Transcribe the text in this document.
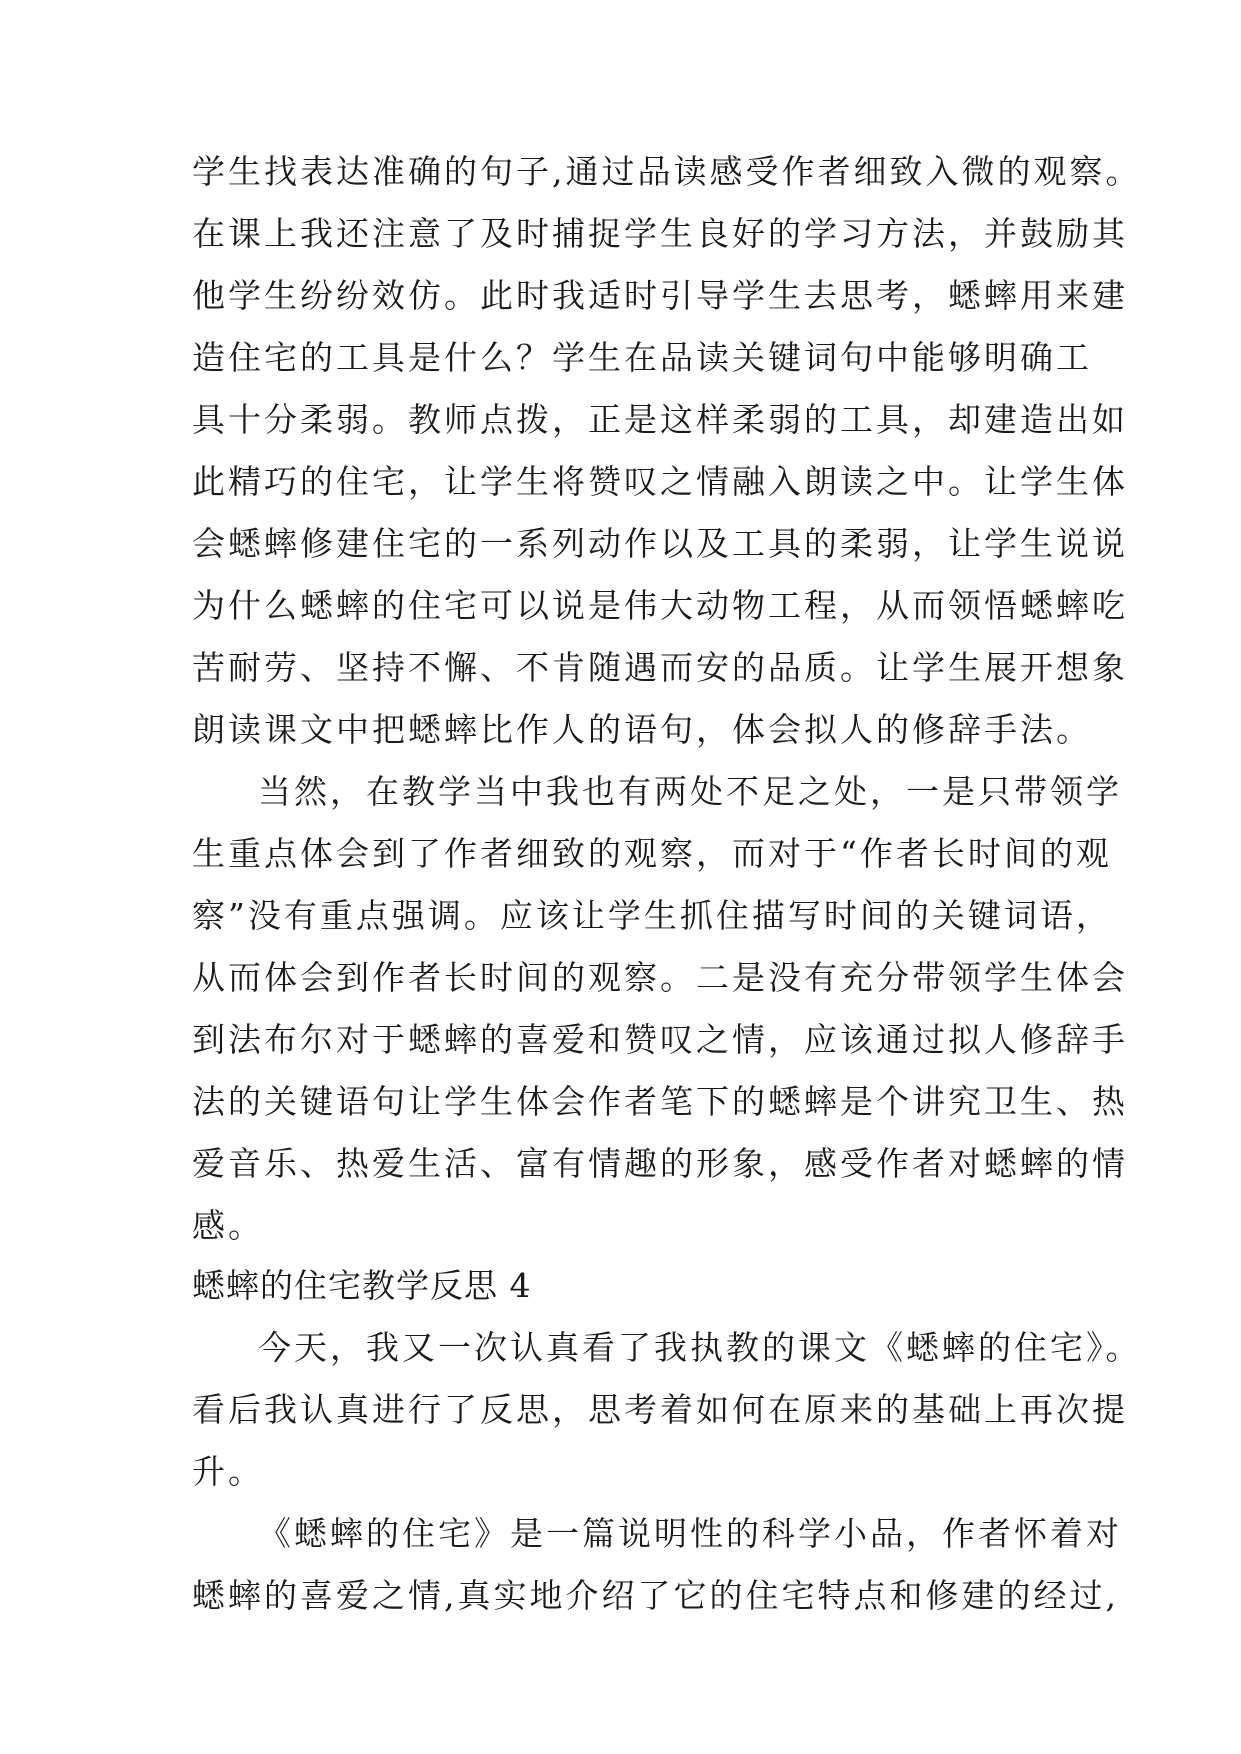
学生找表达准确的句子,通过品读感受作者细致入微的观察。
在课上我还注意了及时捕捉学生良好的学习方法，并鼓励其
他学生纷纷效仿。此时我适时引导学生去思考，蟋蟀用来建
造住宅的工具是什么？学生在品读关键词句中能够明确工
具十分柔弱。教师点拨，正是这样柔弱的工具，却建造出如
此精巧的住宅，让学生将赞叹之情融入朗读之中。让学生体
会蟋蟀修建住宅的一系列动作以及工具的柔弱，让学生说说
为什么蟋蟀的住宅可以说是伟大动物工程，从而领悟蟋蟀吃
苦耐劳、坚持不懈、不肯随遇而安的品质。让学生展开想象
朗读课文中把蟋蟀比作人的语句，体会拟人的修辞手法。
当然，在教学当中我也有两处不足之处，一是只带领学
生重点体会到了作者细致的观察，而对于“作者长时间的观
察”没有重点强调。应该让学生抓住描写时间的关键词语，
从而体会到作者长时间的观察。二是没有充分带领学生体会
到法布尔对于蟋蟀的喜爱和赞叹之情，应该通过拟人修辞手
法的关键语句让学生体会作者笔下的蟋蟀是个讲究卫生、热
爱音乐、热爱生活、富有情趣的形象，感受作者对蟋蟀的情
感。
蟋蟀的住宅教学反思 4
今天，我又一次认真看了我执教的课文《蟋蟀的住宅》。
看后我认真进行了反思，思考着如何在原来的基础上再次提
升。
《蟋蟀的住宅》是一篇说明性的科学小品，作者怀着对
蟋蟀的喜爱之情,真实地介绍了它的住宅特点和修建的经过,
